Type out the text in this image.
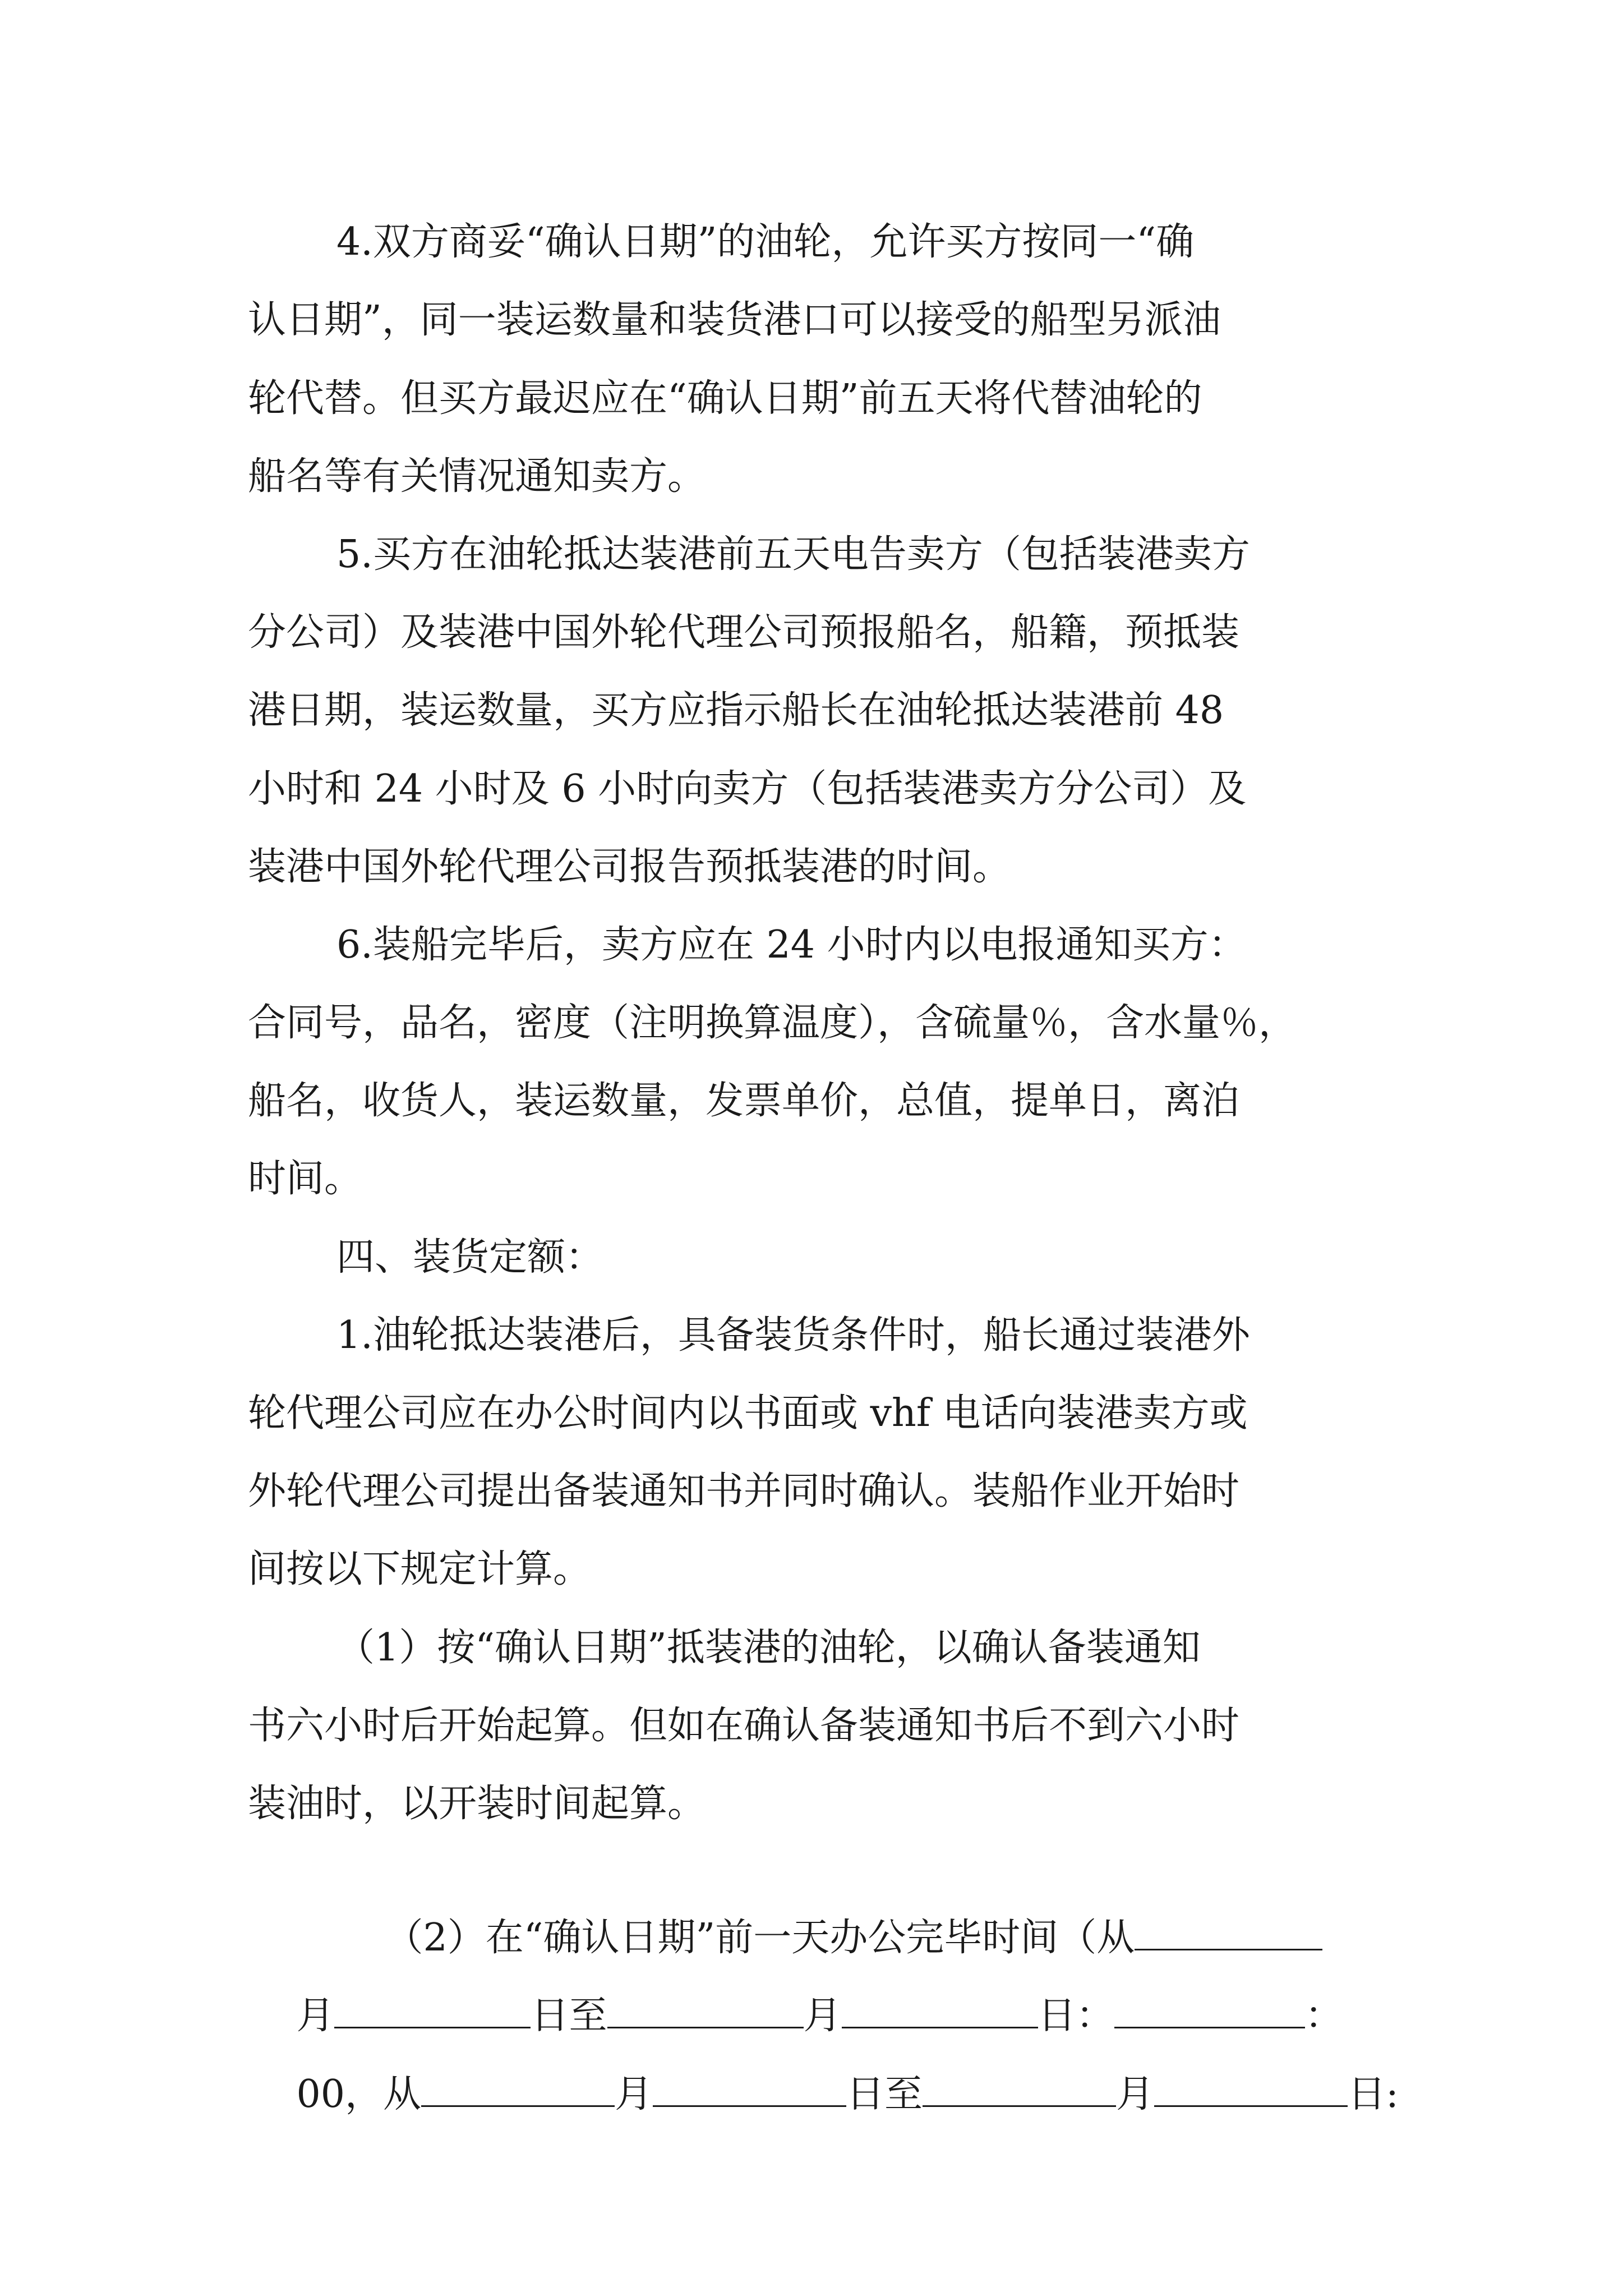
4.双方商妥“确认日期”的油轮，允许买方按同一“确
认日期”，同一装运数量和装货港口可以接受的船型另派油
轮代替。但买方最迟应在“确认日期”前五天将代替油轮的
船名等有关情况通知卖方。
5.买方在油轮抵达装港前五天电告卖方（包括装港卖方
分公司）及装港中国外轮代理公司预报船名，船籍，预抵装
港日期，装运数量，买方应指示船长在油轮抵达装港前 48
小时和 24 小时及 6 小时向卖方（包括装港卖方分公司）及
装港中国外轮代理公司报告预抵装港的时间。
6.装船完毕后，卖方应在 24 小时内以电报通知买方：
合同号，品名，密度（注明换算温度），含硫量％，含水量％，
船名，收货人，装运数量，发票单价，总值，提单日，离泊
时间。
四、装货定额：
1.油轮抵达装港后，具备装货条件时，船长通过装港外
轮代理公司应在办公时间内以书面或 vhf 电话向装港卖方或
外轮代理公司提出备装通知书并同时确认。装船作业开始时
间按以下规定计算。
（1）按“确认日期”抵装港的油轮，以确认备装通知
书六小时后开始起算。但如在确认备装通知书后不到六小时
装油时，以开装时间起算。

（2）在“确认日期”前一天办公完毕时间（从

月	日至	月	日：	：

00，从	月	日至	月	日:
